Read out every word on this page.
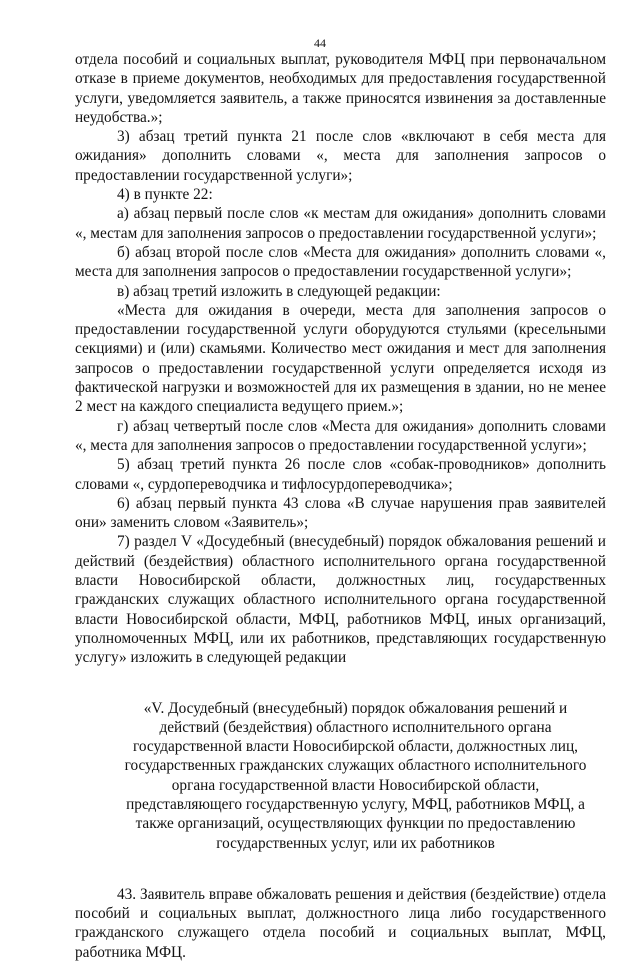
44

отдела пособий и социальных выплат, руководителя МФЦ при первоначальном отказе в приеме документов, необходимых для предоставления государственной услуги, уведомляется заявитель, а также приносятся извинения за доставленные неудобства.»;

3) абзац третий пункта 21 после слов «включают в себя места для ожидания» дополнить словами «, места для заполнения запросов о предоставлении государственной услуги»;

4) в пункте 22:

а) абзац первый после слов «к местам для ожидания» дополнить словами «, местам для заполнения запросов о предоставлении государственной услуги»;

б) абзац второй после слов «Места для ожидания» дополнить словами «, места для заполнения запросов о предоставлении государственной услуги»;

в) абзац третий изложить в следующей редакции:

«Места для ожидания в очереди, места для заполнения запросов о предоставлении государственной услуги оборудуются стульями (кресельными секциями) и (или) скамьями. Количество мест ожидания и мест для заполнения запросов о предоставлении государственной услуги определяется исходя из фактической нагрузки и возможностей для их размещения в здании, но не менее 2 мест на каждого специалиста ведущего прием.»;

г) абзац четвертый после слов «Места для ожидания» дополнить словами «, места для заполнения запросов о предоставлении государственной услуги»;

5) абзац третий пункта 26 после слов «собак-проводников» дополнить словами «, сурдопереводчика и тифлосурдопереводчика»;

6) абзац первый пункта 43 слова «В случае нарушения прав заявителей они» заменить словом «Заявитель»;

7) раздел V «Досудебный (внесудебный) порядок обжалования решений и действий (бездействия) областного исполнительного органа государственной власти Новосибирской области, должностных лиц, государственных гражданских служащих областного исполнительного органа государственной власти Новосибирской области, МФЦ, работников МФЦ, иных организаций, уполномоченных МФЦ, или их работников, представляющих государственную услугу» изложить в следующей редакции

«V. Досудебный (внесудебный) порядок обжалования решений и действий (бездействия) областного исполнительного органа государственной власти Новосибирской области, должностных лиц, государственных гражданских служащих областного исполнительного органа государственной власти Новосибирской области, представляющего государственную услугу, МФЦ, работников МФЦ, а также организаций, осуществляющих функции по предоставлению государственных услуг, или их работников

43. Заявитель вправе обжаловать решения и действия (бездействие) отдела пособий и социальных выплат, должностного лица либо государственного гражданского служащего отдела пособий и социальных выплат, МФЦ, работника МФЦ.
